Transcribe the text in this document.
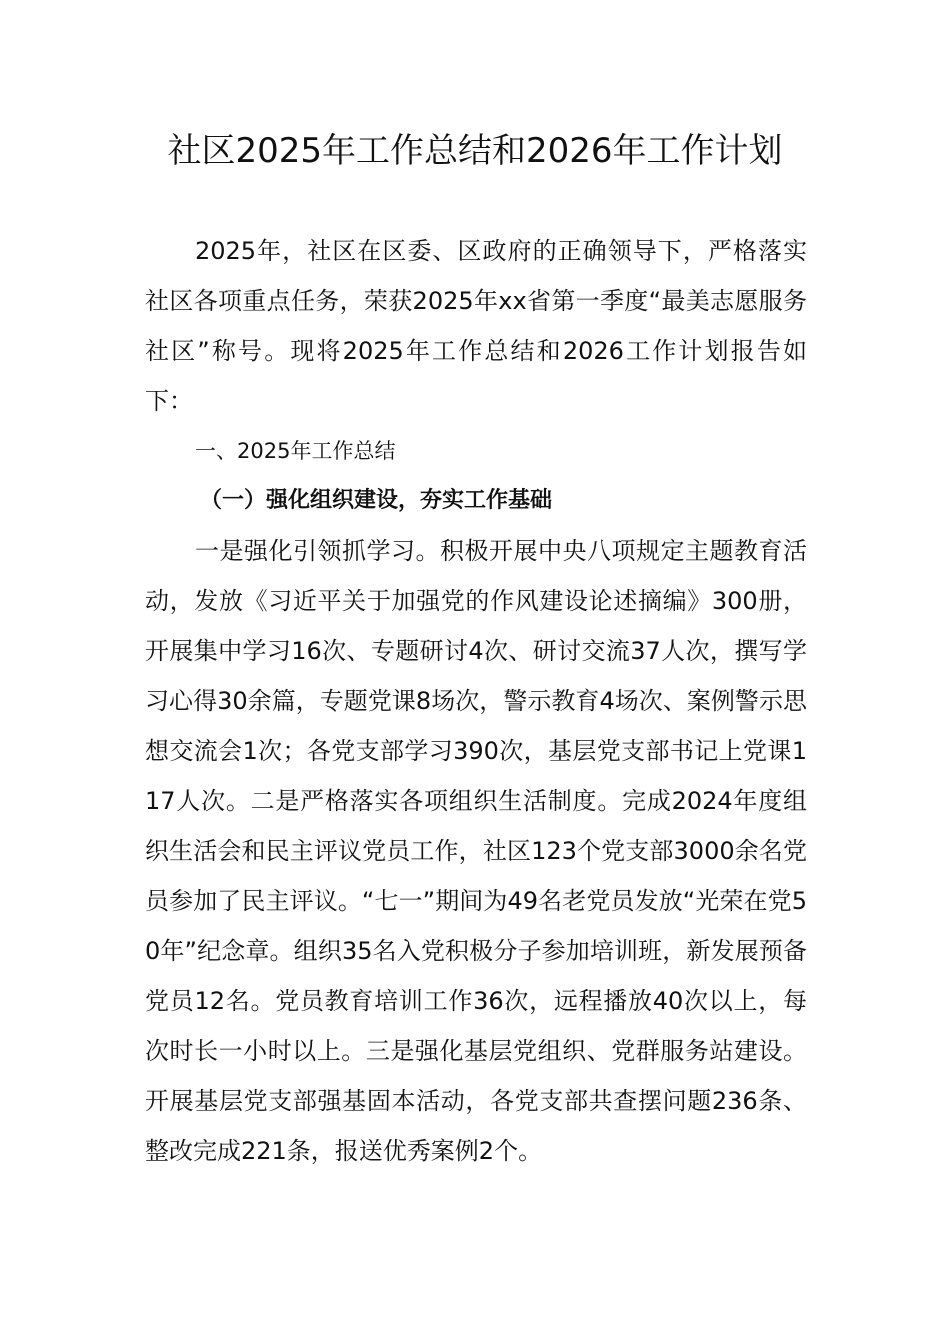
社区2025年工作总结和2026年工作计划

2025年，社区在区委、区政府的正确领导下，严格落实社区各项重点任务，荣获2025年xx省第一季度“最美志愿服务社区”称号。现将2025年工作总结和2026工作计划报告如下：

一、2025年工作总结

（一）强化组织建设，夯实工作基础

一是强化引领抓学习。积极开展中央八项规定主题教育活动，发放《习近平关于加强党的作风建设论述摘编》300册，开展集中学习16次、专题研讨4次、研讨交流37人次，撰写学习心得30余篇，专题党课8场次，警示教育4场次、案例警示思想交流会1次；各党支部学习390次，基层党支部书记上党课117人次。二是严格落实各项组织生活制度。完成2024年度组织生活会和民主评议党员工作，社区123个党支部3000余名党员参加了民主评议。“七一”期间为49名老党员发放“光荣在党50年”纪念章。组织35名入党积极分子参加培训班，新发展预备党员12名。党员教育培训工作36次，远程播放40次以上，每次时长一小时以上。三是强化基层党组织、党群服务站建设。开展基层党支部强基固本活动，各党支部共查摆问题236条、整改完成221条，报送优秀案例2个。
